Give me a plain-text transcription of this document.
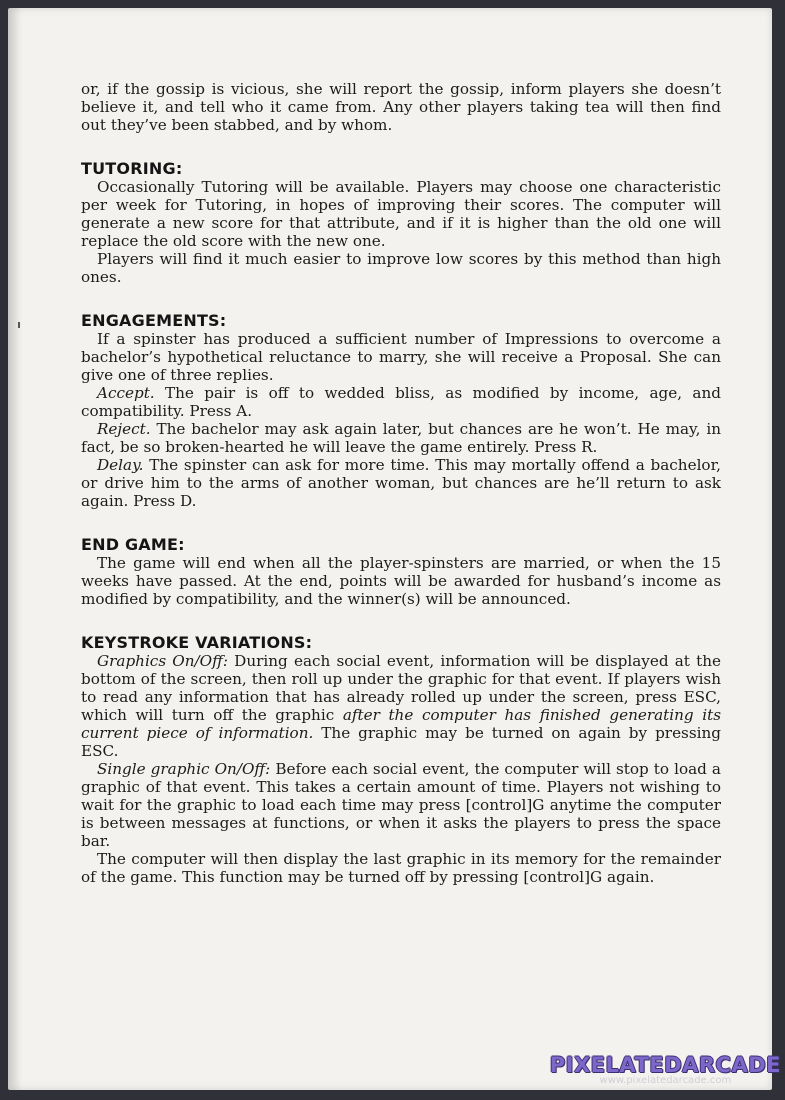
or, if the gossip is vicious, she will report the gossip, inform players she doesn’t believe it, and tell who it came from. Any other players taking tea will then find out they’ve been stabbed, and by whom.

TUTORING:

Occasionally Tutoring will be available. Players may choose one characteristic per week for Tutoring, in hopes of improving their scores. The computer will generate a new score for that attribute, and if it is higher than the old one will replace the old score with the new one.

Players will find it much easier to improve low scores by this method than high ones.

ENGAGEMENTS:

If a spinster has produced a sufficient number of Impressions to overcome a bachelor’s hypothetical reluctance to marry, she will receive a Proposal. She can give one of three replies.

Accept. The pair is off to wedded bliss, as modified by income, age, and compatibility. Press A.

Reject. The bachelor may ask again later, but chances are he won’t. He may, in fact, be so broken-hearted he will leave the game entirely. Press R.

Delay. The spinster can ask for more time. This may mortally offend a bachelor, or drive him to the arms of another woman, but chances are he’ll return to ask again. Press D.

END GAME:

The game will end when all the player-spinsters are married, or when the 15 weeks have passed. At the end, points will be awarded for husband’s income as modified by compatibility, and the winner(s) will be announced.

KEYSTROKE VARIATIONS:

Graphics On/Off: During each social event, information will be displayed at the bottom of the screen, then roll up under the graphic for that event. If players wish to read any information that has already rolled up under the screen, press ESC, which will turn off the graphic after the computer has finished generating its current piece of information. The graphic may be turned on again by pressing ESC.

Single graphic On/Off: Before each social event, the computer will stop to load a graphic of that event. This takes a certain amount of time. Players not wishing to wait for the graphic to load each time may press [control]G anytime the computer is between messages at functions, or when it asks the players to press the space bar.

The computer will then display the last graphic in its memory for the remainder of the game. This function may be turned off by pressing [control]G again.

PIXELATEDARCADE
www.pixelatedarcade.com
